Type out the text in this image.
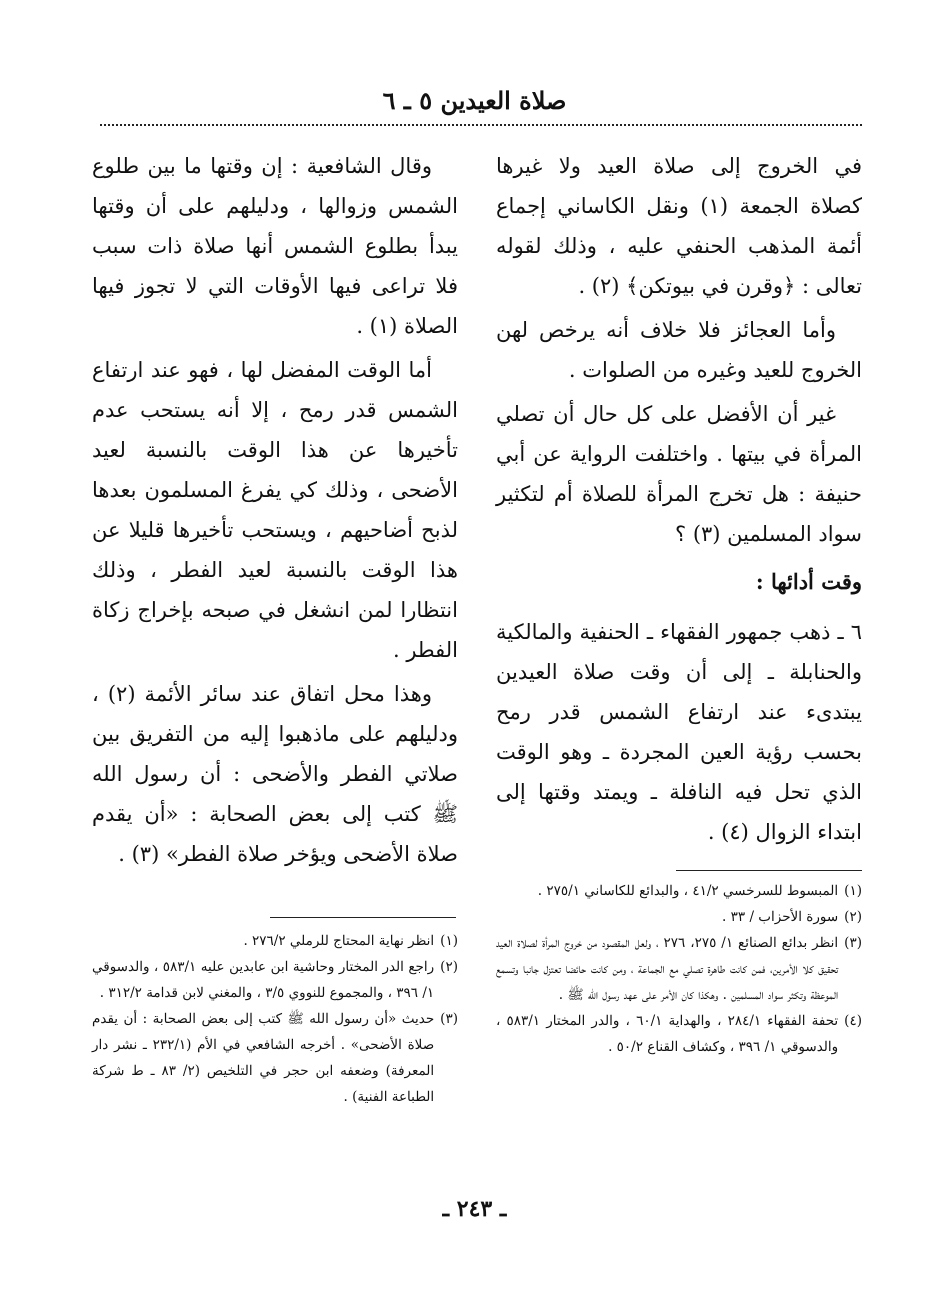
صلاة العيدين ٥ ـ ٦

في الخروج إلى صلاة العيد ولا غيرها كصلاة الجمعة (١) ونقل الكاساني إجماع أئمة المذهب الحنفي عليه ، وذلك لقوله تعالى : ﴿وقرن في بيوتكن﴾ (٢) .

وأما العجائز فلا خلاف أنه يرخص لهن الخروج للعيد وغيره من الصلوات .

غير أن الأفضل على كل حال أن تصلي المرأة في بيتها . واختلفت الرواية عن أبي حنيفة : هل تخرج المرأة للصلاة أم لتكثير سواد المسلمين (٣) ؟

وقت أدائها :

٦ ـ ذهب جمهور الفقهاء ـ الحنفية والمالكية والحنابلة ـ إلى أن وقت صلاة العيدين يبتدىء عند ارتفاع الشمس قدر رمح بحسب رؤية العين المجردة ـ وهو الوقت الذي تحل فيه النافلة ـ ويمتد وقتها إلى ابتداء الزوال (٤) .

وقال الشافعية : إن وقتها ما بين طلوع الشمس وزوالها ، ودليلهم على أن وقتها يبدأ بطلوع الشمس أنها صلاة ذات سبب فلا تراعى فيها الأوقات التي لا تجوز فيها الصلاة (١) .

أما الوقت المفضل لها ، فهو عند ارتفاع الشمس قدر رمح ، إلا أنه يستحب عدم تأخيرها عن هذا الوقت بالنسبة لعيد الأضحى ، وذلك كي يفرغ المسلمون بعدها لذبح أضاحيهم ، ويستحب تأخيرها قليلا عن هذا الوقت بالنسبة لعيد الفطر ، وذلك انتظارا لمن انشغل في صبحه بإخراج زكاة الفطر .

وهذا محل اتفاق عند سائر الأئمة (٢) ، ودليلهم على ماذهبوا إليه من التفريق بين صلاتي الفطر والأضحى : أن رسول الله ﷺ كتب إلى بعض الصحابة : «أن يقدم صلاة الأضحى ويؤخر صلاة الفطر» (٣) .

(١)
المبسوط للسرخسي ٤١/٢ ، والبدائع للكاساني ٢٧٥/١ .
(٢)
سورة الأحزاب / ٣٣ .
(٣)
انظر بدائع الصنائع ١/ ٢٧٥، ٢٧٦ ، ولعل المقصود من خروج المرأة لصلاة العيد تحقيق كلا الأمرين، فمن كانت طاهرة تصلي مع الجماعة ، ومن كانت حائضا تعتزل جانبا وتسمع الموعظة وتكثر سواد المسلمين . وهكذا كان الأمر على عهد رسول الله ﷺ .
(٤)
تحفة الفقهاء ٢٨٤/١ ، والهداية ٦٠/١ ، والدر المختار ٥٨٣/١ ، والدسوقي ١/ ٣٩٦ ، وكشاف القناع ٥٠/٢ .
(١)
انظر نهاية المحتاج للرملي ٢٧٦/٢ .
(٢)
راجع الدر المختار وحاشية ابن عابدين عليه ٥٨٣/١ ، والدسوقي ١/ ٣٩٦ ، والمجموع للنووي ٣/٥ ، والمغني لابن قدامة ٣١٢/٢ .
(٣)
حديث «أن رسول الله ﷺ كتب إلى بعض الصحابة : أن يقدم صلاة الأضحى» . أخرجه الشافعي في الأم (٢٣٢/١ ـ نشر دار المعرفة) وضعفه ابن حجر في التلخيص (٢/ ٨٣ ـ ط شركة الطباعة الفنية) .
ـ ٢٤٣ ـ
